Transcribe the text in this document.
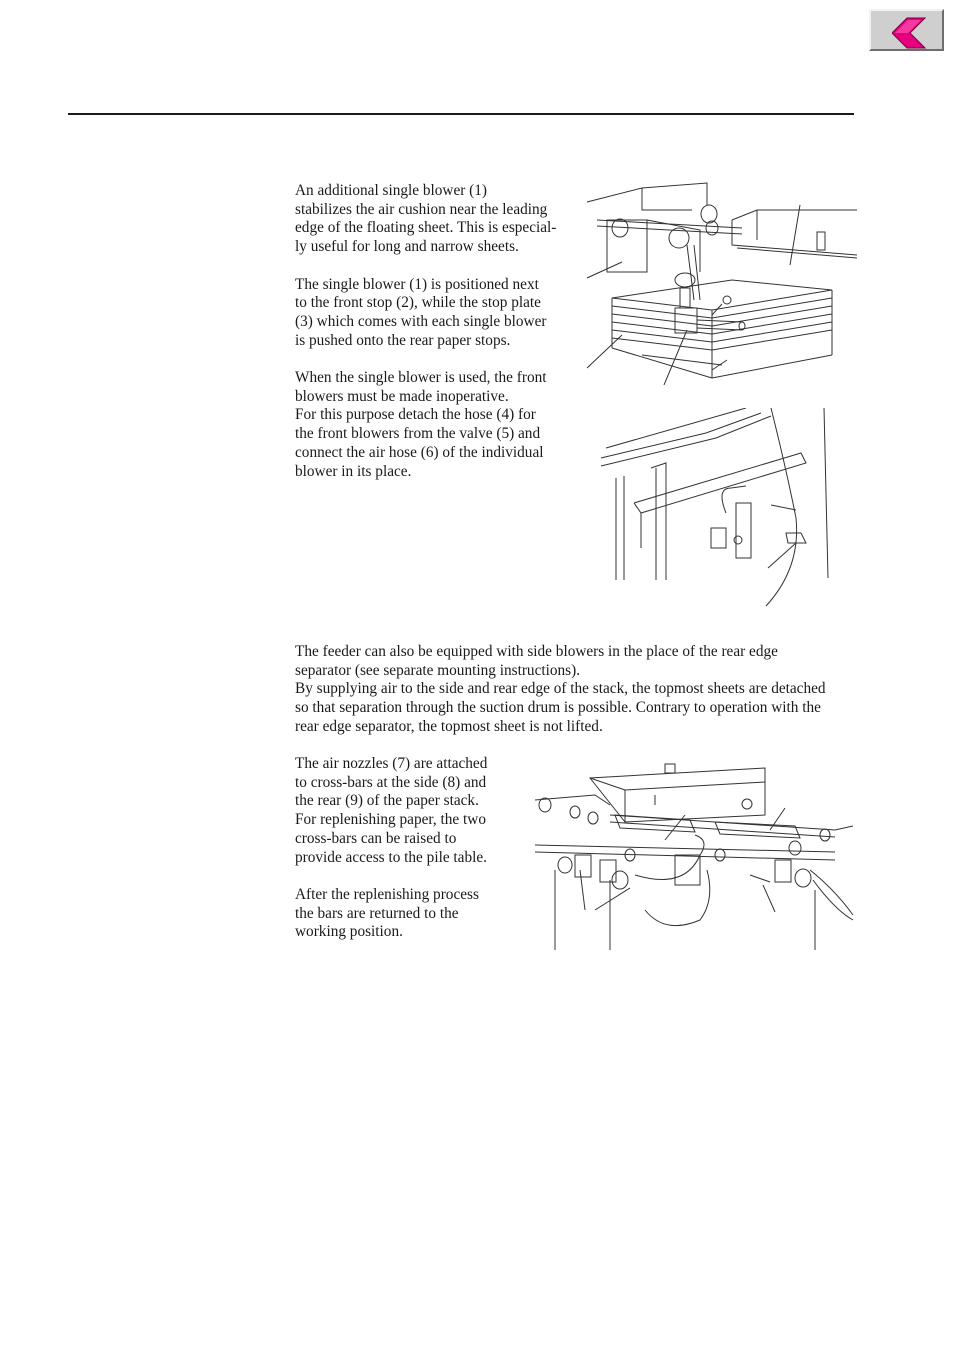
An additional single blower (1)

stabilizes the air cushion near the leading

edge of the floating sheet. This is especial-

ly useful for long and narrow sheets.

The single blower (1) is positioned next

to the front stop (2), while the stop plate

(3) which comes with each single blower

is pushed onto the rear paper stops.

When the single blower is used, the front

blowers must be made inoperative.

For this purpose detach the hose (4) for

the front blowers from the valve (5) and

connect the air hose (6) of the individual

blower in its place.

The feeder can also be equipped with side blowers in the place of the rear edge

separator (see separate mounting instructions).

By supplying air to the side and rear edge of the stack, the topmost sheets are detached

so that separation through the suction drum is possible. Contrary to operation with the

rear edge separator, the topmost sheet is not lifted.

The air nozzles (7) are attached

to cross-bars at the side (8) and

the rear (9) of the paper stack.

For replenishing paper, the two

cross-bars can be raised to

provide access to the pile table.

After the replenishing process

the bars are returned to the

working position.
